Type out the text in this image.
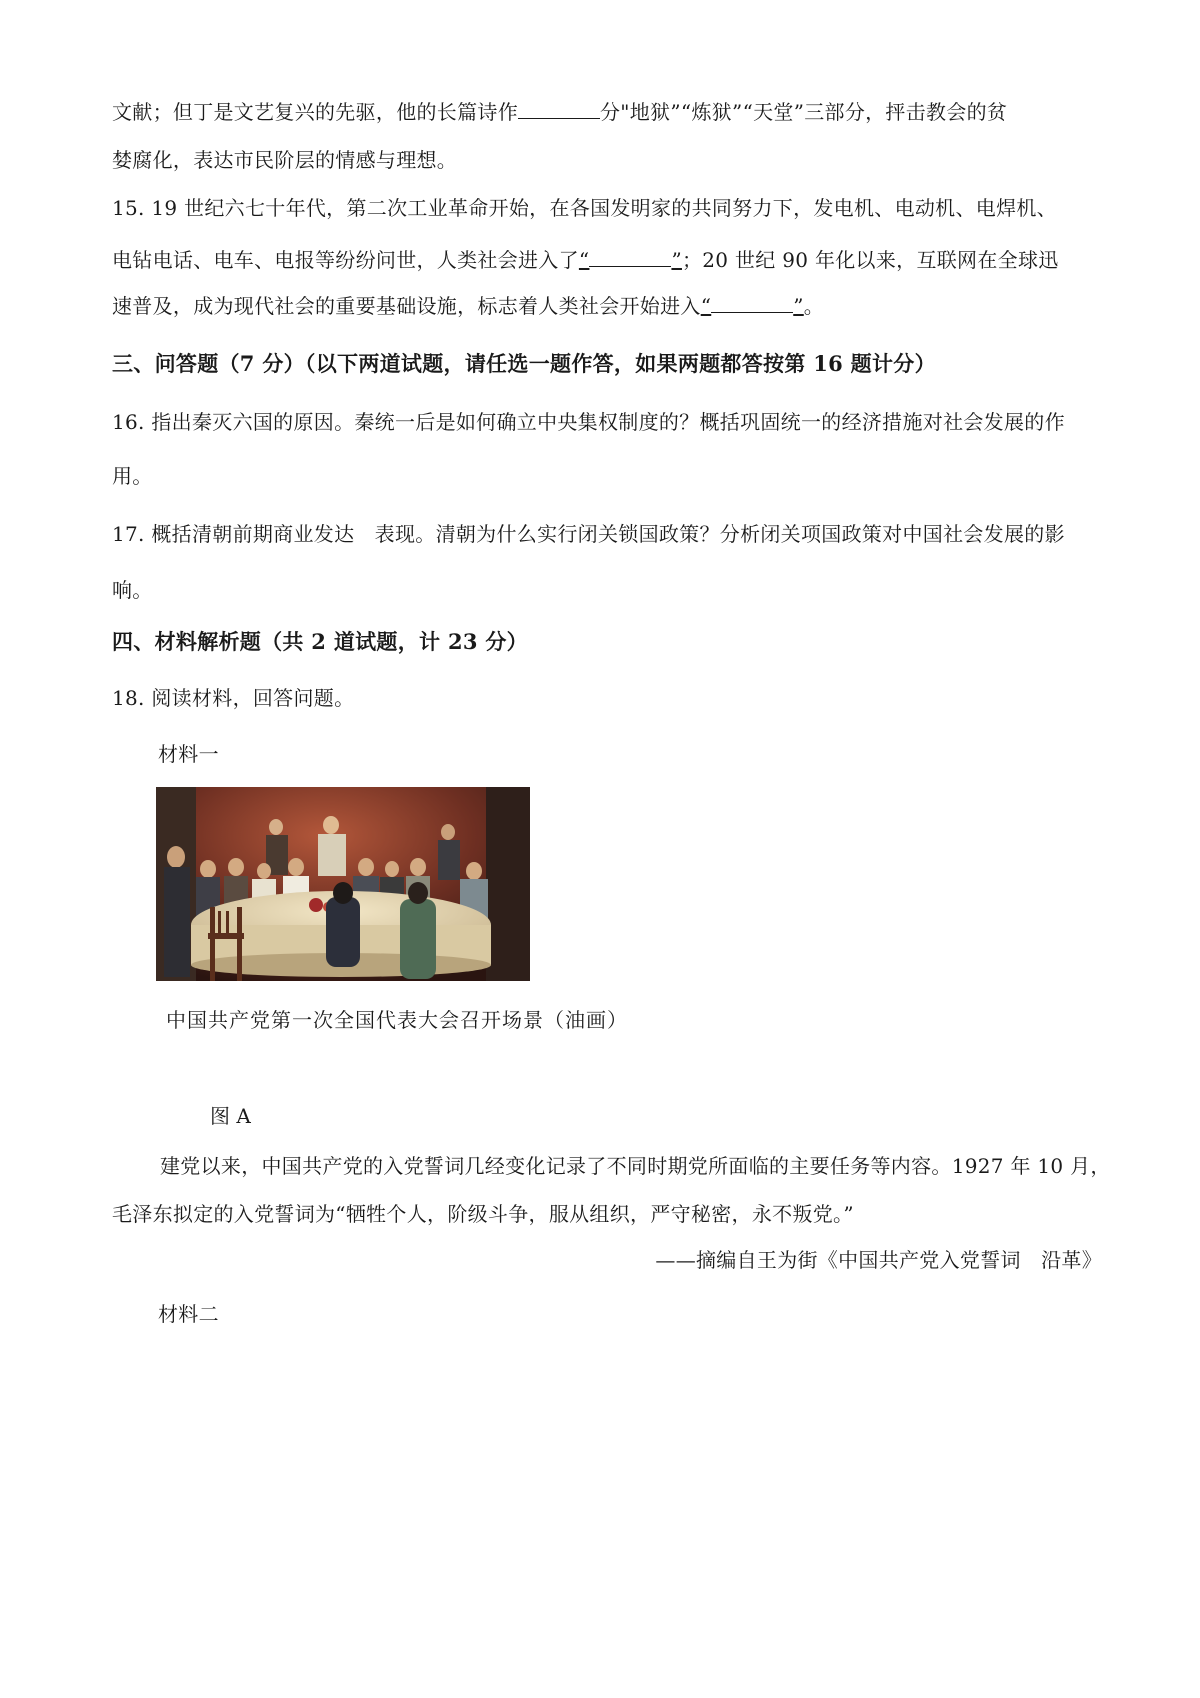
文献；但丁是文艺复兴的先驱，他的长篇诗作	分"地狱”“炼狱”“天堂”三部分，抨击教会的贫
婪腐化，表达市民阶层的情感与理想。
15. 19 世纪六七十年代，第二次工业革命开始，在各国发明家的共同努力下，发电机、电动机、电焊机、
电钻电话、电车、电报等纷纷问世，人类社会进入了“	”；20 世纪 90 年化以来，互联网在全球迅
速普及，成为现代社会的重要基础设施，标志着人类社会开始进入“	”。
三、问答题（7 分）（以下两道试题，请任选一题作答，如果两题都答按第 16 题计分）
16. 指出秦灭六国的原因。秦统一后是如何确立中央集权制度的？概括巩固统一的经济措施对社会发展的作
用。
17. 概括清朝前期商业发达　表现。清朝为什么实行闭关锁国政策？分析闭关项国政策对中国社会发展的影
响。
四、材料解析题（共 2 道试题，计 23 分）
18. 阅读材料，回答问题。
材料一
中国共产党第一次全国代表大会召开场景（油画）
图 A
建党以来，中国共产党的入党誓词几经变化记录了不同时期党所面临的主要任务等内容。1927 年 10 月，
毛泽东拟定的入党誓词为“牺牲个人，阶级斗争，服从组织，严守秘密，永不叛党。”
——摘编自王为街《中国共产党入党誓词　沿革》
材料二
